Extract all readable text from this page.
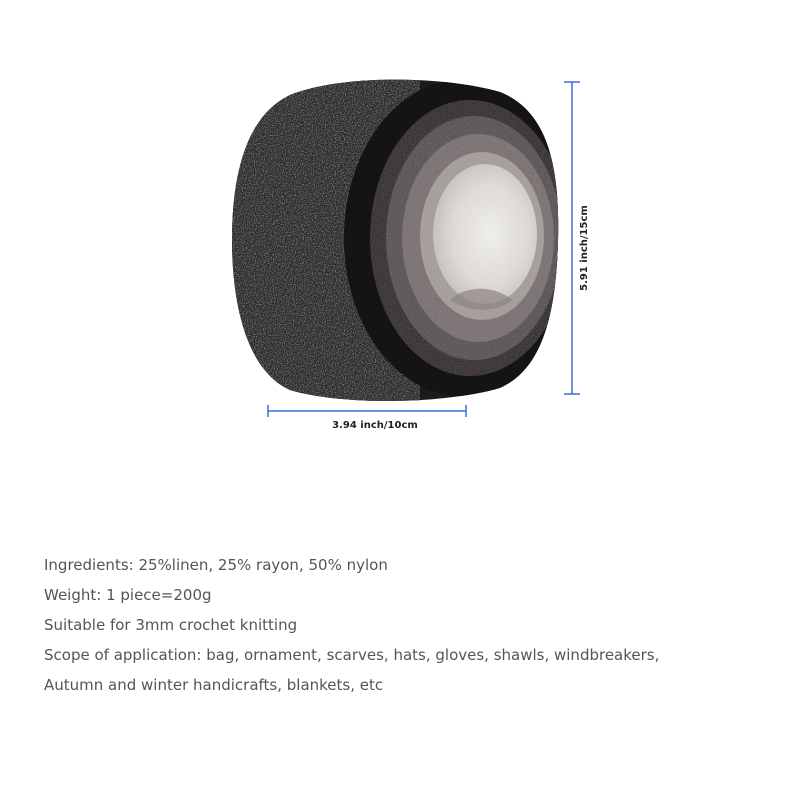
3.94 inch/10cm
5.91 inch/15cm
Ingredients: 25%linen, 25% rayon, 50% nylon
Weight: 1 piece=200g
Suitable for 3mm crochet knitting
Scope of application: bag, ornament, scarves, hats, gloves, shawls, windbreakers,
Autumn and winter handicrafts, blankets, etc
